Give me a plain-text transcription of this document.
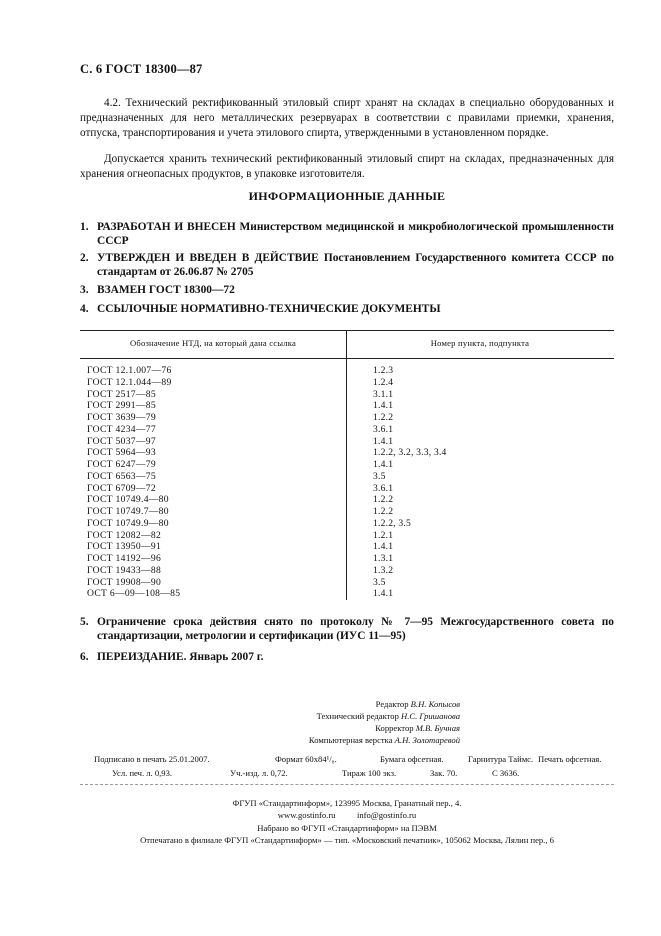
С. 6 ГОСТ 18300—87
4.2. Технический ректификованный этиловый спирт хранят на складах в специально оборудованных и предназначенных для него металлических резервуарах в соответствии с правилами приемки, хранения, отпуска, транспортирования и учета этилового спирта, утвержденными в установленном порядке.
Допускается хранить технический ректификованный этиловый спирт на складах, предназначенных для хранения огнеопасных продуктов, в упаковке изготовителя.
ИНФОРМАЦИОННЫЕ ДАННЫЕ
1. РАЗРАБОТАН И ВНЕСЕН Министерством медицинской и микробиологической промышленности СССР
2. УТВЕРЖДЕН И ВВЕДЕН В ДЕЙСТВИЕ Постановлением Государственного комитета СССР по стандартам от 26.06.87 № 2705
3. ВЗАМЕН ГОСТ 18300—72
4. ССЫЛОЧНЫЕ НОРМАТИВНО-ТЕХНИЧЕСКИЕ ДОКУМЕНТЫ
Обозначение НТД, на который дана ссылка	Номер пункта, подпункта
ГОСТ 12.1.007—76	1.2.3
ГОСТ 12.1.044—89	1.2.4
ГОСТ 2517—85	3.1.1
ГОСТ 2991—85	1.4.1
ГОСТ 3639—79	1.2.2
ГОСТ 4234—77	3.6.1
ГОСТ 5037—97	1.4.1
ГОСТ 5964—93	1.2.2, 3.2, 3.3, 3.4
ГОСТ 6247—79	1.4.1
ГОСТ 6563—75	3.5
ГОСТ 6709—72	3.6.1
ГОСТ 10749.4—80	1.2.2
ГОСТ 10749.7—80	1.2.2
ГОСТ 10749.9—80	1.2.2, 3.5
ГОСТ 12082—82	1.2.1
ГОСТ 13950—91	1.4.1
ГОСТ 14192—96	1.3.1
ГОСТ 19433—88	1.3.2
ГОСТ 19908—90	3.5
ОСТ 6—09—108—85	1.4.1
5. Ограничение срока действия снято по протоколу № 7—95 Межгосударственного совета по стандартизации, метрологии и сертификации (ИУС 11—95)
6. ПЕРЕИЗДАНИЕ. Январь 2007 г.
Редактор В.Н. Копысов
Технический редактор Н.С. Гришанова
Корректор М.В. Бучная
Компьютерная верстка А.Н. Золотаревой
Подписано в печать 25.01.2007.	Формат 60x84¹/₈.	Бумага офсетная.	Гарнитура Таймс. Печать офсетная.
Усл. печ. л. 0,93.	Уч.-изд. л. 0,72.	Тираж 100 экз.	Зак. 70.	С 3636.
ФГУП «Стандартинформ», 123995 Москва, Гранатный пер., 4.
www.gostinfo.ru          info@gostinfo.ru
Набрано во ФГУП «Стандартинформ» на ПЭВМ
Отпечатано в филиале ФГУП «Стандартинформ» — тип. «Московский печатник», 105062 Москва, Лялин пер., 6
